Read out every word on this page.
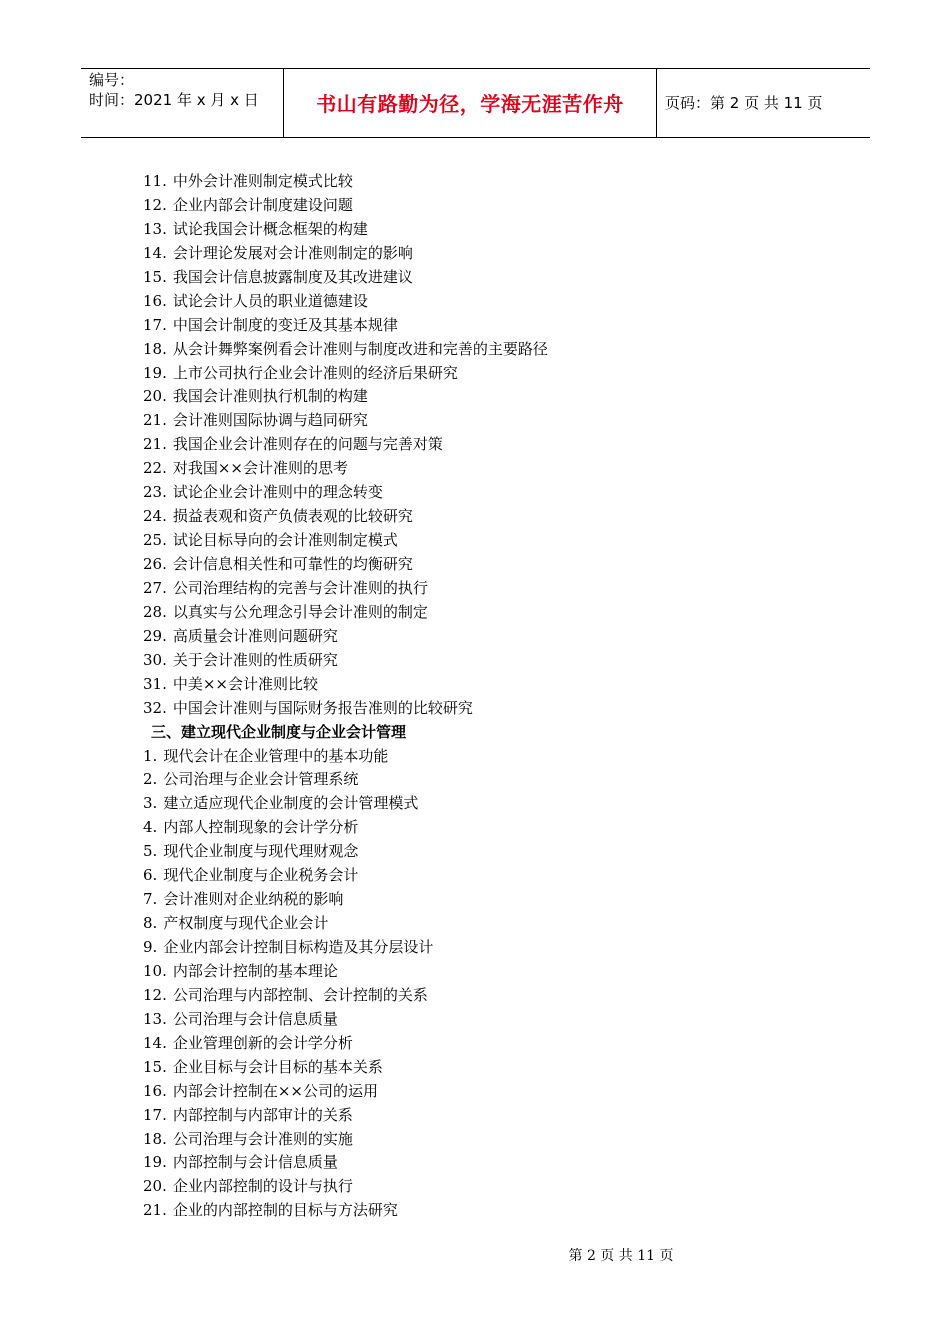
编号：
时间：2021 年 x 月 x 日	书山有路勤为径，学海无涯苦作舟	页码：第 2 页 共 11 页
11. 中外会计准则制定模式比较
12. 企业内部会计制度建设问题
13. 试论我国会计概念框架的构建
14. 会计理论发展对会计准则制定的影响
15. 我国会计信息披露制度及其改进建议
16. 试论会计人员的职业道德建设
17. 中国会计制度的变迁及其基本规律
18. 从会计舞弊案例看会计准则与制度改进和完善的主要路径
19. 上市公司执行企业会计准则的经济后果研究
20. 我国会计准则执行机制的构建
21. 会计准则国际协调与趋同研究
21. 我国企业会计准则存在的问题与完善对策
22. 对我国××会计准则的思考
23. 试论企业会计准则中的理念转变
24. 损益表观和资产负债表观的比较研究
25. 试论目标导向的会计准则制定模式
26. 会计信息相关性和可靠性的均衡研究
27. 公司治理结构的完善与会计准则的执行
28. 以真实与公允理念引导会计准则的制定
29. 高质量会计准则问题研究
30. 关于会计准则的性质研究
31. 中美××会计准则比较
32. 中国会计准则与国际财务报告准则的比较研究
三、建立现代企业制度与企业会计管理
1. 现代会计在企业管理中的基本功能
2. 公司治理与企业会计管理系统
3. 建立适应现代企业制度的会计管理模式
4. 内部人控制现象的会计学分析
5. 现代企业制度与现代理财观念
6. 现代企业制度与企业税务会计
7. 会计准则对企业纳税的影响
8. 产权制度与现代企业会计
9. 企业内部会计控制目标构造及其分层设计
10. 内部会计控制的基本理论
12. 公司治理与内部控制、会计控制的关系
13. 公司治理与会计信息质量
14. 企业管理创新的会计学分析
15. 企业目标与会计目标的基本关系
16. 内部会计控制在××公司的运用
17. 内部控制与内部审计的关系
18. 公司治理与会计准则的实施
19. 内部控制与会计信息质量
20. 企业内部控制的设计与执行
21. 企业的内部控制的目标与方法研究
第 2 页 共 11 页
